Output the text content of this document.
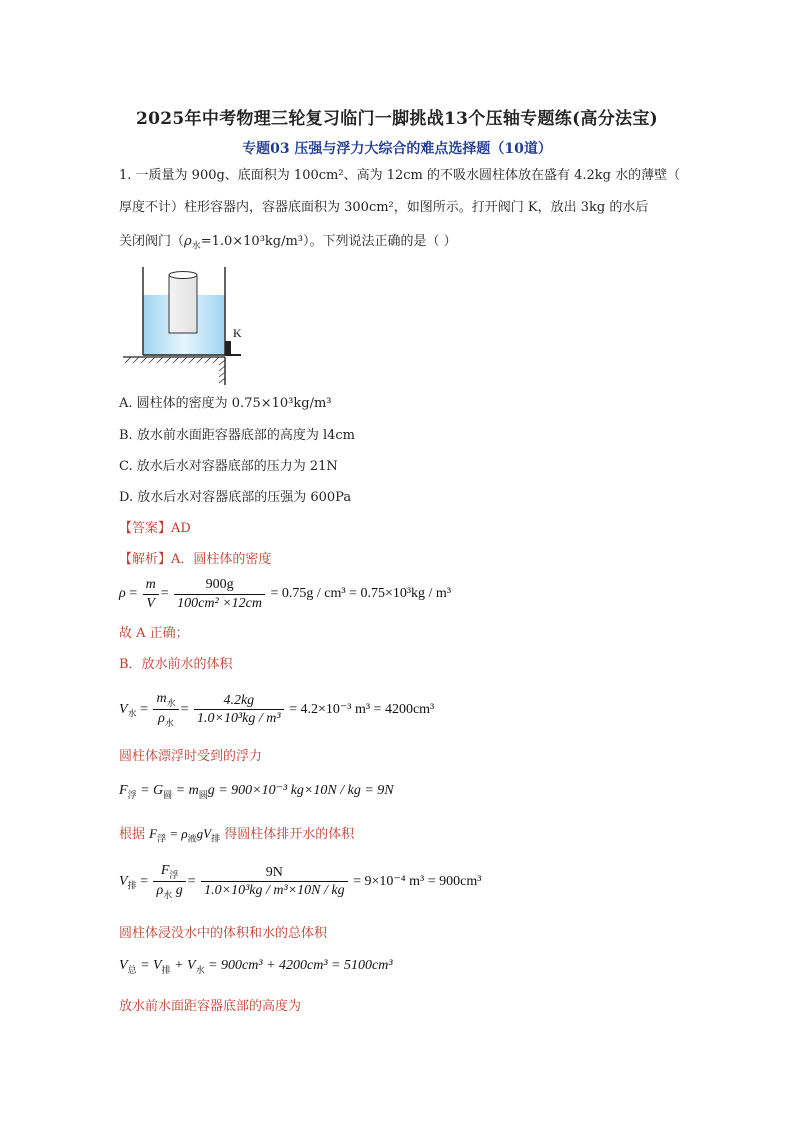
2025年中考物理三轮复习临门一脚挑战13个压轴专题练(高分法宝)
专题03 压强与浮力大综合的难点选择题（10道）
1. 一质量为 900g、底面积为 100cm²、高为 12cm 的不吸水圆柱体放在盛有 4.2kg 水的薄壁（
厚度不计）柱形容器内，容器底面积为 300cm²，如图所示。打开阀门 K，放出 3kg 的水后
关闭阀门$(\rho_水=1.0\times 10^3kg/m^3)$。下列说法正确的是（ ）
K
A. 圆柱体的密度为 0.75×10³kg/m³
B. 放水前水面距容器底部的高度为 l4cm
C. 放水后水对容器底部的压力为 21N
D. 放水后水对容器底部的压强为 600Pa
【答案】AD
【解析】A．圆柱体的密度
$\rho = \frac{m}{V} = \frac{900g}{\text{100cm² ×12cm}} = 0.75g / cm^3 = 0.75\times 10^3kg / m^3$
故 A 正确；
B．放水前水的体积
$V_水 = \frac{m_水}{\rho_水} = \frac{4.2kg}{\text{1.0×10³kg / m³}} = 4.2\times 10^{-3}$ m³ = 4200cm³
圆柱体漂浮时受到的浮力
$F_浮 = G_圆 = m_圆g = 900\times 10^{-3}$ kg×10N / kg = 9N
根据 $F_浮 = \rho_液gV_排$ 得圆柱体排开水的体积
$V_排 = \frac{F_浮}{\rho_水 g} = \frac{9N}{\text{1.0×10³kg / m³×10N / kg}} = 9\times 10^{-4}$ m³ = 900cm³
圆柱体浸没水中的体积和水的总体积
$V_总 = V_排 + V_水 = 900cm^3 + 4200cm^3 = 5100cm^3$
放水前水面距容器底部的高度为
